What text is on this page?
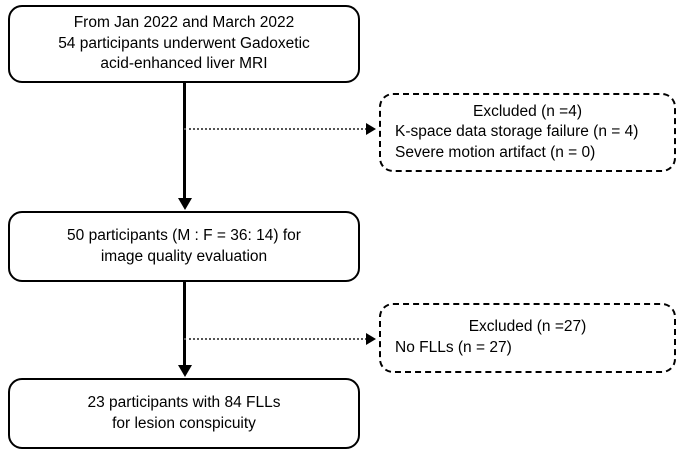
From Jan 2022 and March 2022
54 participants underwent Gadoxetic
acid-enhanced liver MRI
Excluded (n =4)
K-space data storage failure (n = 4)
Severe motion artifact (n = 0)
50 participants (M : F = 36: 14) for
image quality evaluation
Excluded (n =27)
No FLLs (n = 27)
23 participants with 84 FLLs
for lesion conspicuity
